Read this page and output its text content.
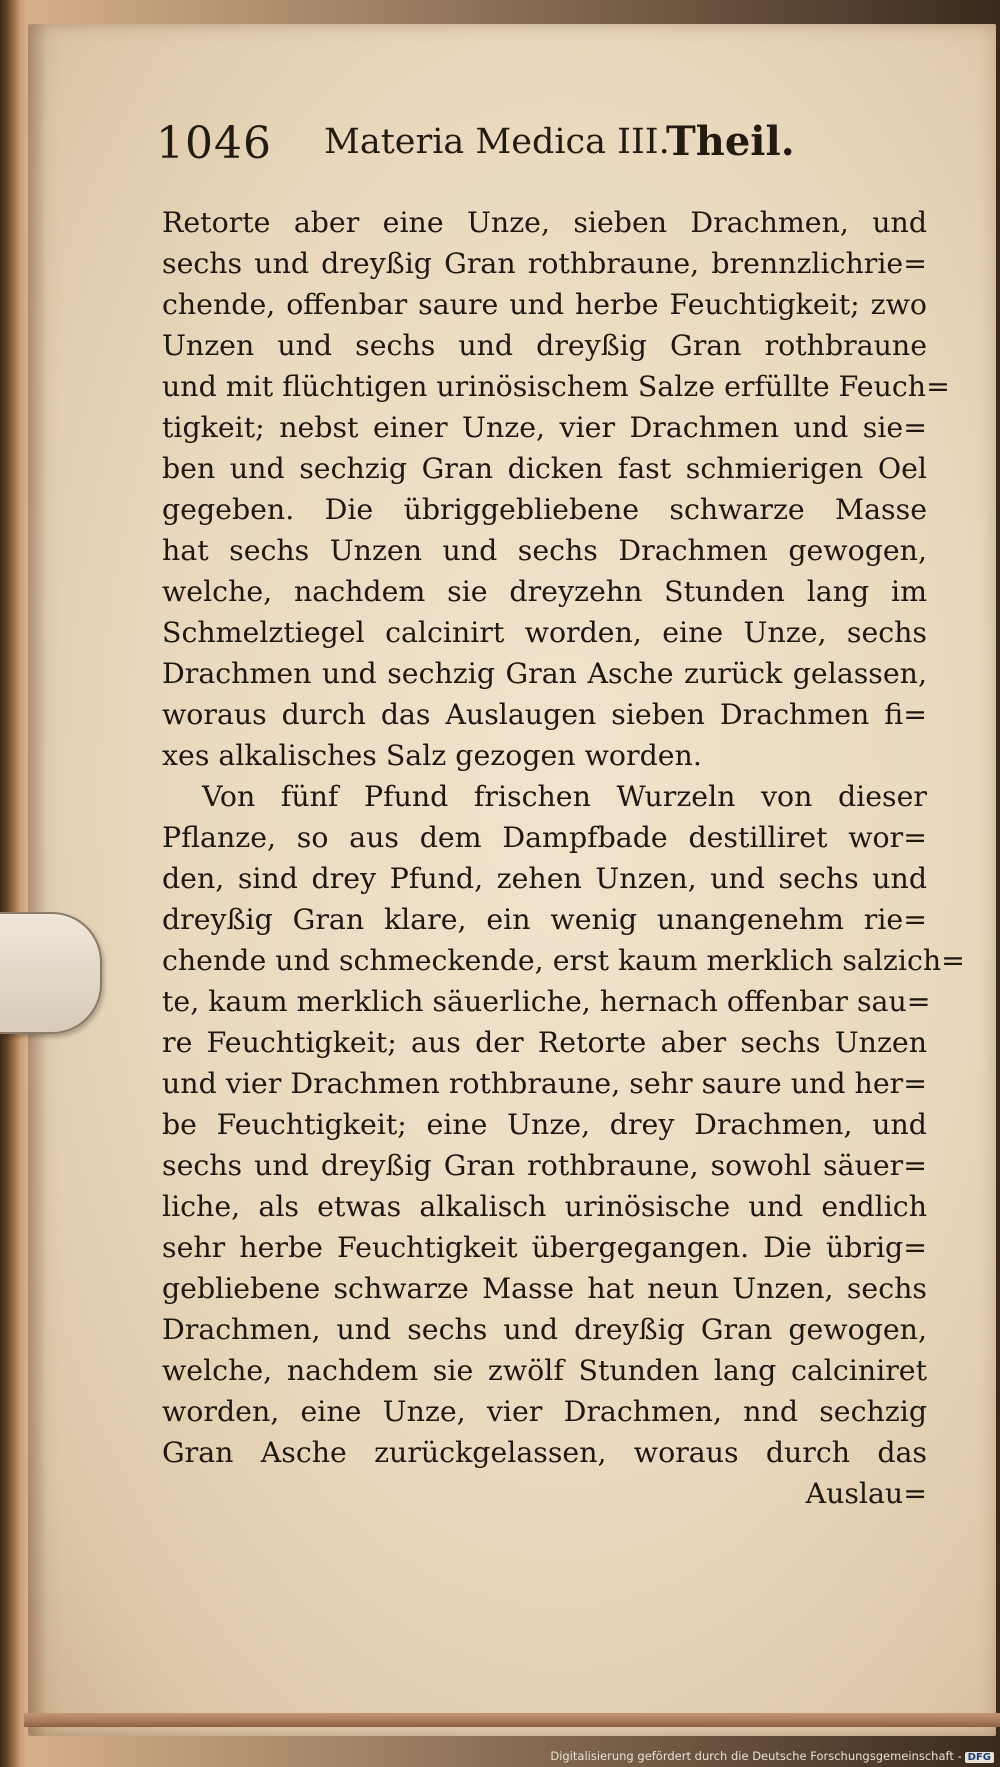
1046 Materia Medica III.
Theil.
Retorte aber eine Unze, sieben Drachmen, und
sechs und dreyßig Gran rothbraune, brennzlichrie=
chende, offenbar saure und herbe Feuchtigkeit; zwo
Unzen und sechs und dreyßig Gran rothbraune
und mit flüchtigen urinösischem Salze erfüllte Feuch=
tigkeit; nebst einer Unze, vier Drachmen und sie=
ben und sechzig Gran dicken fast schmierigen Oel
gegeben. Die übriggebliebene schwarze Masse
hat sechs Unzen und sechs Drachmen gewogen,
welche, nachdem sie dreyzehn Stunden lang im
Schmelztiegel calcinirt worden, eine Unze, sechs
Drachmen und sechzig Gran Asche zurück gelassen,
woraus durch das Auslaugen sieben Drachmen fi=
xes alkalisches Salz gezogen worden.
Von fünf Pfund frischen Wurzeln von dieser
Pflanze, so aus dem Dampfbade destilliret wor=
den, sind drey Pfund, zehen Unzen, und sechs und
dreyßig Gran klare, ein wenig unangenehm rie=
chende und schmeckende, erst kaum merklich salzich=
te, kaum merklich säuerliche, hernach offenbar sau=
re Feuchtigkeit; aus der Retorte aber sechs Unzen
und vier Drachmen rothbraune, sehr saure und her=
be Feuchtigkeit; eine Unze, drey Drachmen, und
sechs und dreyßig Gran rothbraune, sowohl säuer=
liche, als etwas alkalisch urinösische und endlich
sehr herbe Feuchtigkeit übergegangen. Die übrig=
gebliebene schwarze Masse hat neun Unzen, sechs
Drachmen, und sechs und dreyßig Gran gewogen,
welche, nachdem sie zwölf Stunden lang calciniret
worden, eine Unze, vier Drachmen, nnd sechzig
Gran Asche zurückgelassen, woraus durch das
Auslau=
Digitalisierung gefördert durch die Deutsche Forschungsgemeinschaft - DFG
